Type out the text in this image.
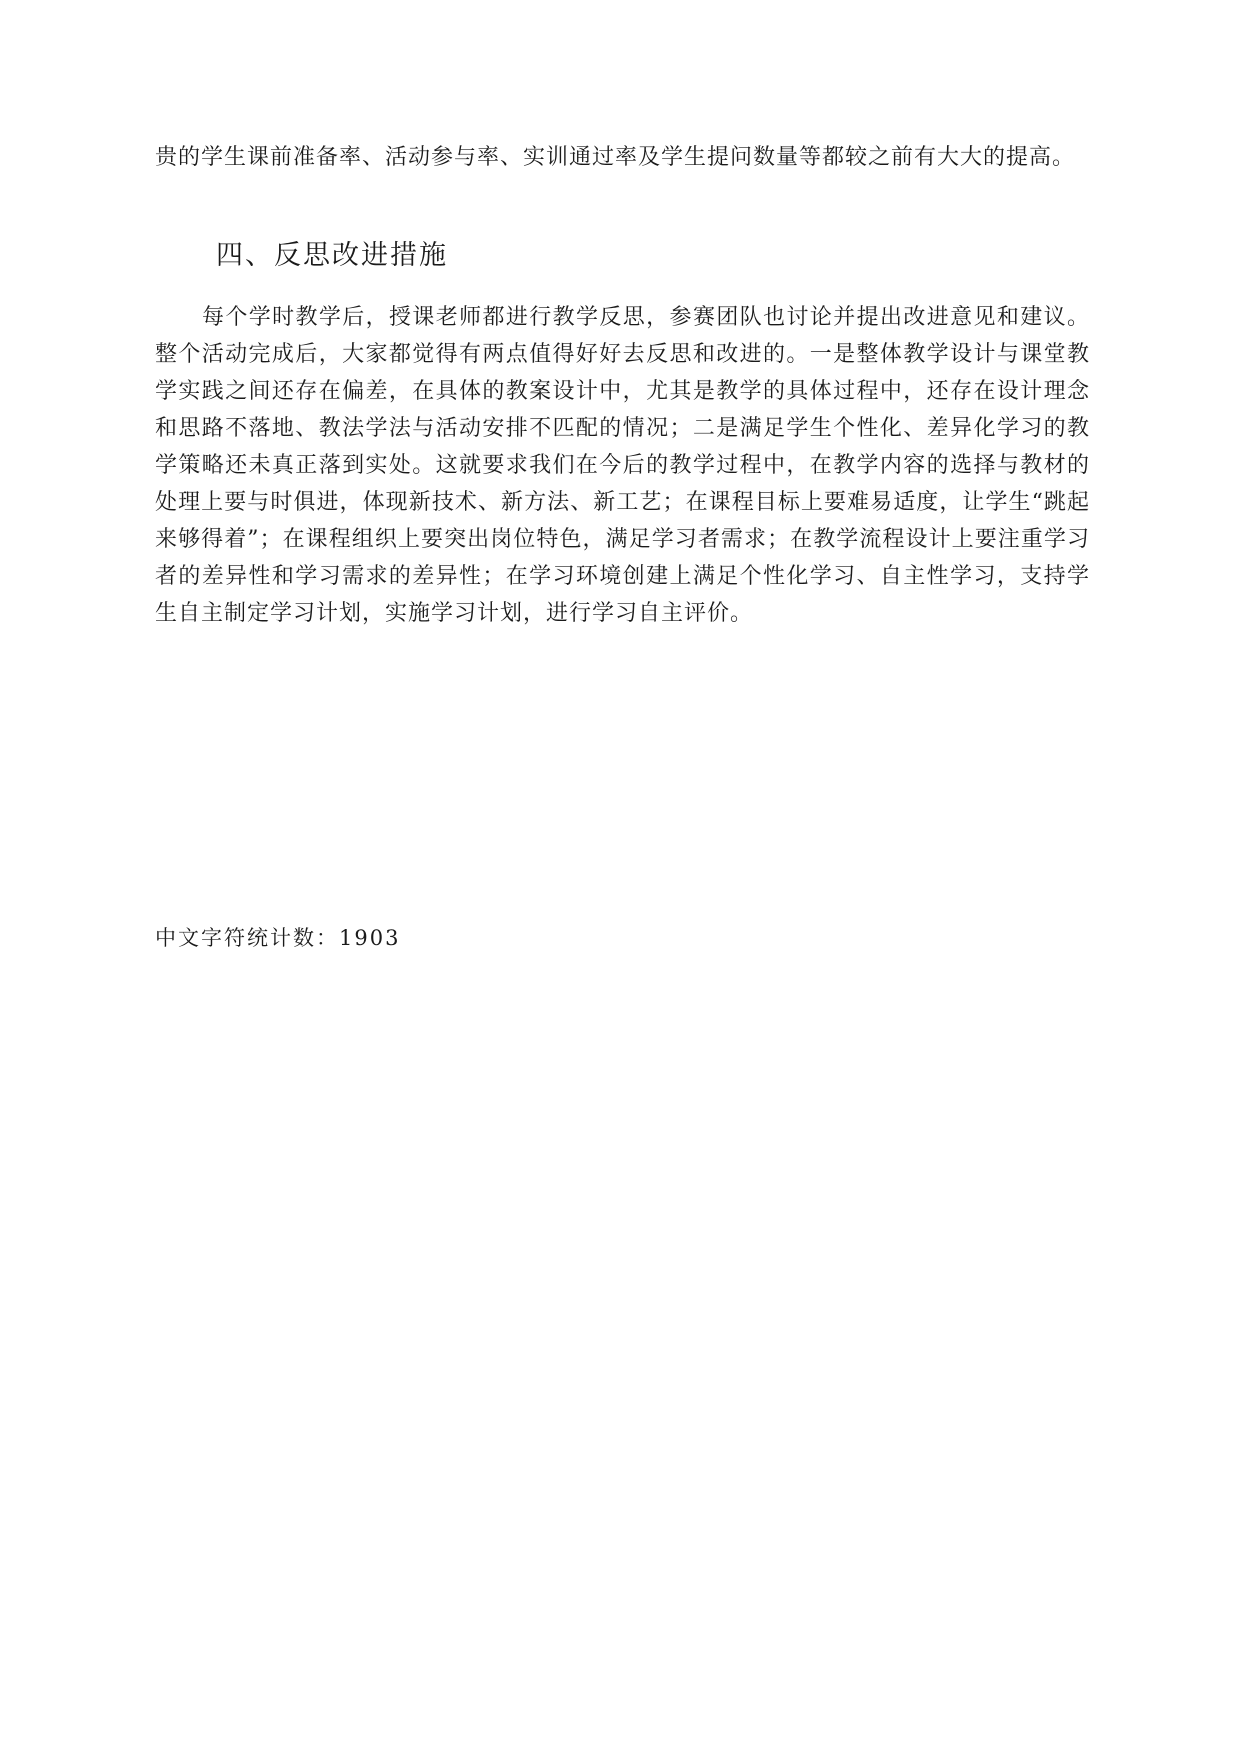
贵的学生课前准备率、活动参与率、实训通过率及学生提问数量等都较之前有大大的提高。

四、反思改进措施

每个学时教学后，授课老师都进行教学反思，参赛团队也讨论并提出改进意见和建议。整个活动完成后，大家都觉得有两点值得好好去反思和改进的。一是整体教学设计与课堂教学实践之间还存在偏差，在具体的教案设计中，尤其是教学的具体过程中，还存在设计理念和思路不落地、教法学法与活动安排不匹配的情况；二是满足学生个性化、差异化学习的教学策略还未真正落到实处。这就要求我们在今后的教学过程中，在教学内容的选择与教材的处理上要与时俱进，体现新技术、新方法、新工艺；在课程目标上要难易适度，让学生“跳起来够得着”；在课程组织上要突出岗位特色，满足学习者需求；在教学流程设计上要注重学习者的差异性和学习需求的差异性；在学习环境创建上满足个性化学习、自主性学习，支持学生自主制定学习计划，实施学习计划，进行学习自主评价。

中文字符统计数：1903
